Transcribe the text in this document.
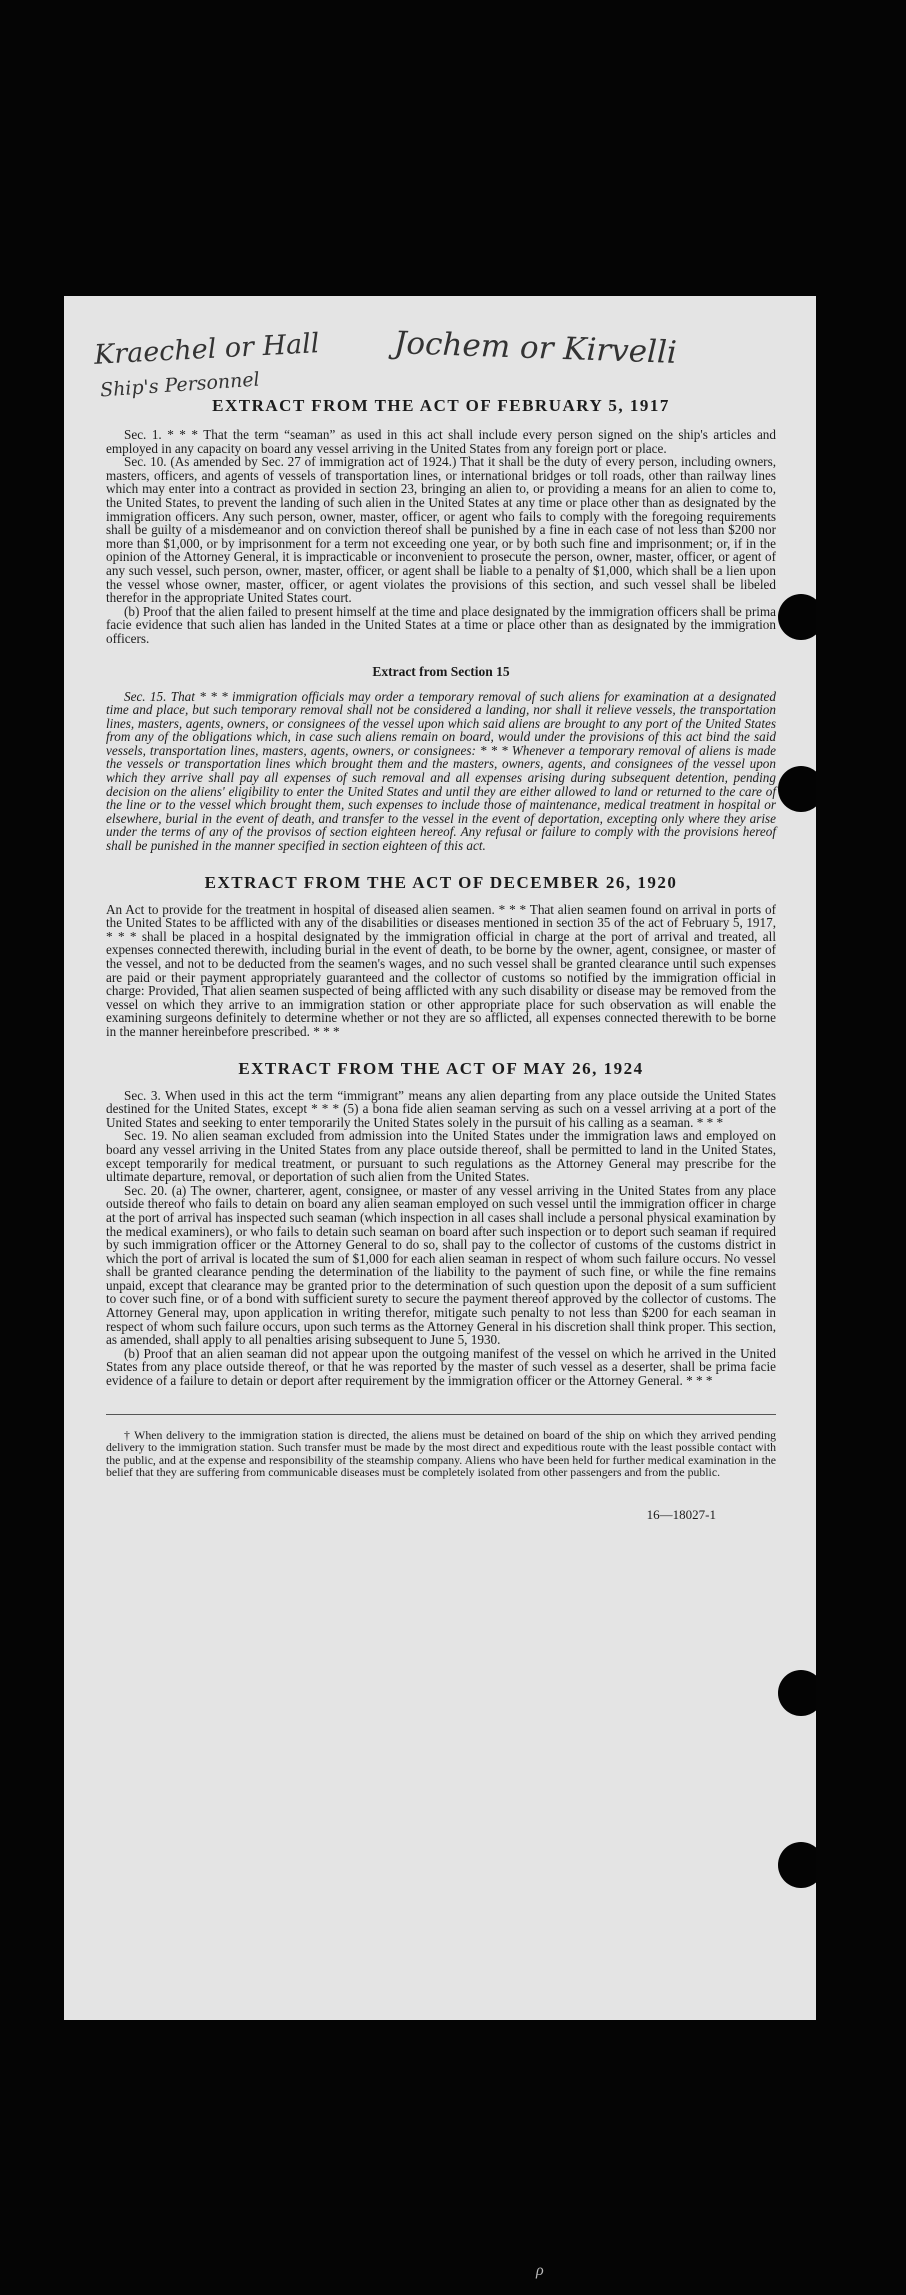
Kraechel or Hall Jochem or Kirvelli
Ship's Personnel
EXTRACT FROM THE ACT OF FEBRUARY 5, 1917

Sec. 1. * * * That the term “seaman” as used in this act shall include every person signed on the ship's articles and employed in any capacity on board any vessel arriving in the United States from any foreign port or place.

Sec. 10. (As amended by Sec. 27 of immigration act of 1924.) That it shall be the duty of every person, including owners, masters, officers, and agents of vessels of transportation lines, or international bridges or toll roads, other than railway lines which may enter into a contract as provided in section 23, bringing an alien to, or providing a means for an alien to come to, the United States, to prevent the landing of such alien in the United States at any time or place other than as designated by the immigration officers. Any such person, owner, master, officer, or agent who fails to comply with the foregoing requirements shall be guilty of a misdemeanor and on conviction thereof shall be punished by a fine in each case of not less than $200 nor more than $1,000, or by imprisonment for a term not exceeding one year, or by both such fine and imprisonment; or, if in the opinion of the Attorney General, it is impracticable or inconvenient to prosecute the person, owner, master, officer, or agent of any such vessel, such person, owner, master, officer, or agent shall be liable to a penalty of $1,000, which shall be a lien upon the vessel whose owner, master, officer, or agent violates the provisions of this section, and such vessel shall be libeled therefor in the appropriate United States court.

(b) Proof that the alien failed to present himself at the time and place designated by the immigration officers shall be prima facie evidence that such alien has landed in the United States at a time or place other than as designated by the immigration officers.

Extract from Section 15

Sec. 15. That * * * immigration officials may order a temporary removal of such aliens for examination at a designated time and place, but such temporary removal shall not be considered a landing, nor shall it relieve vessels, the transportation lines, masters, agents, owners, or consignees of the vessel upon which said aliens are brought to any port of the United States from any of the obligations which, in case such aliens remain on board, would under the provisions of this act bind the said vessels, transportation lines, masters, agents, owners, or consignees: * * * Whenever a temporary removal of aliens is made the vessels or transportation lines which brought them and the masters, owners, agents, and consignees of the vessel upon which they arrive shall pay all expenses of such removal and all expenses arising during subsequent detention, pending decision on the aliens' eligibility to enter the United States and until they are either allowed to land or returned to the care of the line or to the vessel which brought them, such expenses to include those of maintenance, medical treatment in hospital or elsewhere, burial in the event of death, and transfer to the vessel in the event of deportation, excepting only where they arise under the terms of any of the provisos of section eighteen hereof. Any refusal or failure to comply with the provisions hereof shall be punished in the manner specified in section eighteen of this act.

EXTRACT FROM THE ACT OF DECEMBER 26, 1920

An Act to provide for the treatment in hospital of diseased alien seamen. * * * That alien seamen found on arrival in ports of the United States to be afflicted with any of the disabilities or diseases mentioned in section 35 of the act of February 5, 1917, * * * shall be placed in a hospital designated by the immigration official in charge at the port of arrival and treated, all expenses connected therewith, including burial in the event of death, to be borne by the owner, agent, consignee, or master of the vessel, and not to be deducted from the seamen's wages, and no such vessel shall be granted clearance until such expenses are paid or their payment appropriately guaranteed and the collector of customs so notified by the immigration official in charge: Provided, That alien seamen suspected of being afflicted with any such disability or disease may be removed from the vessel on which they arrive to an immigration station or other appropriate place for such observation as will enable the examining surgeons definitely to determine whether or not they are so afflicted, all expenses connected therewith to be borne in the manner hereinbefore prescribed. * * *

EXTRACT FROM THE ACT OF MAY 26, 1924

Sec. 3. When used in this act the term “immigrant” means any alien departing from any place outside the United States destined for the United States, except * * * (5) a bona fide alien seaman serving as such on a vessel arriving at a port of the United States and seeking to enter temporarily the United States solely in the pursuit of his calling as a seaman. * * *

Sec. 19. No alien seaman excluded from admission into the United States under the immigration laws and employed on board any vessel arriving in the United States from any place outside thereof, shall be permitted to land in the United States, except temporarily for medical treatment, or pursuant to such regulations as the Attorney General may prescribe for the ultimate departure, removal, or deportation of such alien from the United States.

Sec. 20. (a) The owner, charterer, agent, consignee, or master of any vessel arriving in the United States from any place outside thereof who fails to detain on board any alien seaman employed on such vessel until the immigration officer in charge at the port of arrival has inspected such seaman (which inspection in all cases shall include a personal physical examination by the medical examiners), or who fails to detain such seaman on board after such inspection or to deport such seaman if required by such immigration officer or the Attorney General to do so, shall pay to the collector of customs of the customs district in which the port of arrival is located the sum of $1,000 for each alien seaman in respect of whom such failure occurs. No vessel shall be granted clearance pending the determination of the liability to the payment of such fine, or while the fine remains unpaid, except that clearance may be granted prior to the determination of such question upon the deposit of a sum sufficient to cover such fine, or of a bond with sufficient surety to secure the payment thereof approved by the collector of customs. The Attorney General may, upon application in writing therefor, mitigate such penalty to not less than $200 for each seaman in respect of whom such failure occurs, upon such terms as the Attorney General in his discretion shall think proper. This section, as amended, shall apply to all penalties arising subsequent to June 5, 1930.

(b) Proof that an alien seaman did not appear upon the outgoing manifest of the vessel on which he arrived in the United States from any place outside thereof, or that he was reported by the master of such vessel as a deserter, shall be prima facie evidence of a failure to detain or deport after requirement by the immigration officer or the Attorney General. * * *

† When delivery to the immigration station is directed, the aliens must be detained on board of the ship on which they arrived pending delivery to the immigration station. Such transfer must be made by the most direct and expeditious route with the least possible contact with the public, and at the expense and responsibility of the steamship company. Aliens who have been held for further medical examination in the belief that they are suffering from communicable diseases must be completely isolated from other passengers and from the public.

16—18027-1
ρ
